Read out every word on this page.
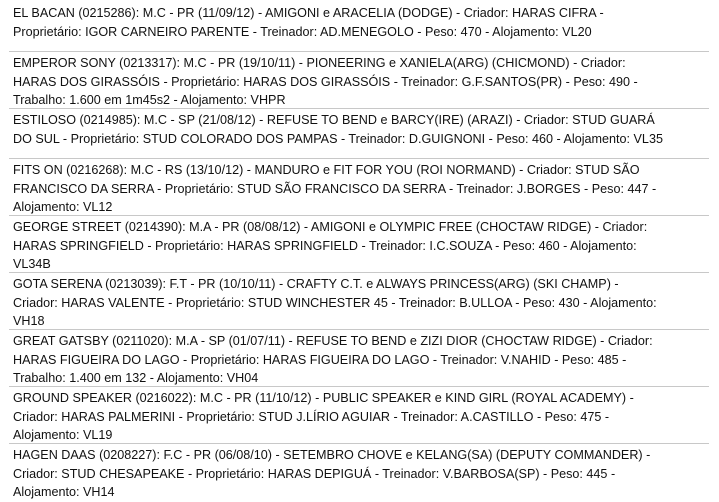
EL BACAN (0215286): M.C - PR (11/09/12) - AMIGONI e ARACELIA (DODGE) - Criador: HARAS CIFRA -
Proprietário: IGOR CARNEIRO PARENTE - Treinador: AD.MENEGOLO - Peso: 470 - Alojamento: VL20
EMPEROR SONY (0213317): M.C - PR (19/10/11) - PIONEERING e XANIELA(ARG) (CHICMOND) - Criador:
HARAS DOS GIRASSÓIS - Proprietário: HARAS DOS GIRASSÓIS - Treinador: G.F.SANTOS(PR) - Peso: 490 -
Trabalho: 1.600 em 1m45s2 - Alojamento: VHPR
ESTILOSO (0214985): M.C - SP (21/08/12) - REFUSE TO BEND e BARCY(IRE) (ARAZI) - Criador: STUD GUARÁ
DO SUL - Proprietário: STUD COLORADO DOS PAMPAS - Treinador: D.GUIGNONI - Peso: 460 - Alojamento: VL35
FITS ON (0216268): M.C - RS (13/10/12) - MANDURO e FIT FOR YOU (ROI NORMAND) - Criador: STUD SÃO
FRANCISCO DA SERRA - Proprietário: STUD SÃO FRANCISCO DA SERRA - Treinador: J.BORGES - Peso: 447 -
Alojamento: VL12
GEORGE STREET (0214390): M.A - PR (08/08/12) - AMIGONI e OLYMPIC FREE (CHOCTAW RIDGE) - Criador:
HARAS SPRINGFIELD - Proprietário: HARAS SPRINGFIELD - Treinador: I.C.SOUZA - Peso: 460 - Alojamento:
VL34B
GOTA SERENA (0213039): F.T - PR (10/10/11) - CRAFTY C.T. e ALWAYS PRINCESS(ARG) (SKI CHAMP) -
Criador: HARAS VALENTE - Proprietário: STUD WINCHESTER 45 - Treinador: B.ULLOA - Peso: 430 - Alojamento:
VH18
GREAT GATSBY (0211020): M.A - SP (01/07/11) - REFUSE TO BEND e ZIZI DIOR (CHOCTAW RIDGE) - Criador:
HARAS FIGUEIRA DO LAGO - Proprietário: HARAS FIGUEIRA DO LAGO - Treinador: V.NAHID - Peso: 485 -
Trabalho: 1.400 em 132 - Alojamento: VH04
GROUND SPEAKER (0216022): M.C - PR (11/10/12) - PUBLIC SPEAKER e KIND GIRL (ROYAL ACADEMY) -
Criador: HARAS PALMERINI - Proprietário: STUD J.LÍRIO AGUIAR - Treinador: A.CASTILLO - Peso: 475 -
Alojamento: VL19
HAGEN DAAS (0208227): F.C - PR (06/08/10) - SETEMBRO CHOVE e KELANG(SA) (DEPUTY COMMANDER) -
Criador: STUD CHESAPEAKE - Proprietário: HARAS DEPIGUÁ - Treinador: V.BARBOSA(SP) - Peso: 445 -
Alojamento: VH14
